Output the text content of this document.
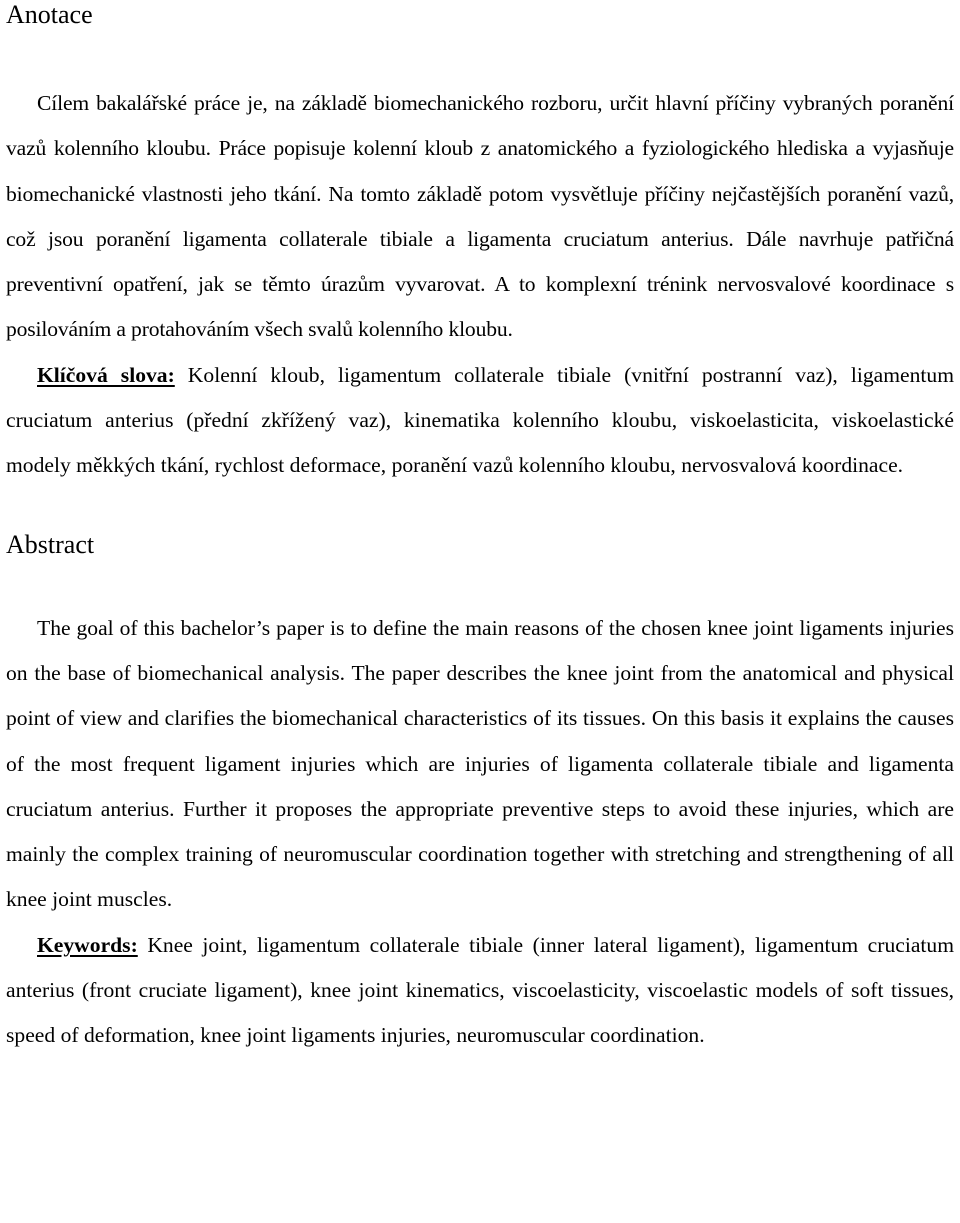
Anotace

Cílem bakalářské práce je, na základě biomechanického rozboru, určit hlavní příčiny vybraných poranění vazů kolenního kloubu. Práce popisuje kolenní kloub z anatomického a fyziologického hlediska a vyjasňuje biomechanické vlastnosti jeho tkání. Na tomto základě potom vysvětluje příčiny nejčastějších poranění vazů, což jsou poranění ligamenta collaterale tibiale a ligamenta cruciatum anterius. Dále navrhuje patřičná preventivní opatření, jak se těmto úrazům vyvarovat. A to komplexní trénink nervosvalové koordinace s posilováním a protahováním všech svalů kolenního kloubu.

Klíčová slova: Kolenní kloub, ligamentum collaterale tibiale (vnitřní postranní vaz), ligamentum cruciatum anterius (přední zkřížený vaz), kinematika kolenního kloubu, viskoelasticita, viskoelastické modely měkkých tkání, rychlost deformace, poranění vazů kolenního kloubu, nervosvalová koordinace.

Abstract

The goal of this bachelor’s paper is to define the main reasons of the chosen knee joint ligaments injuries on the base of biomechanical analysis. The paper describes the knee joint from the anatomical and physical point of view and clarifies the biomechanical characteristics of its tissues. On this basis it explains the causes of the most frequent ligament injuries which are injuries of ligamenta collaterale tibiale and ligamenta cruciatum anterius. Further it proposes the appropriate preventive steps to avoid these injuries, which are mainly the complex training of neuromuscular coordination together with stretching and strengthening of all knee joint muscles.

Keywords: Knee joint, ligamentum collaterale tibiale (inner lateral ligament), ligamentum cruciatum anterius (front cruciate ligament), knee joint kinematics, viscoelasticity, viscoelastic models of soft tissues, speed of deformation, knee joint ligaments injuries, neuromuscular coordination.
